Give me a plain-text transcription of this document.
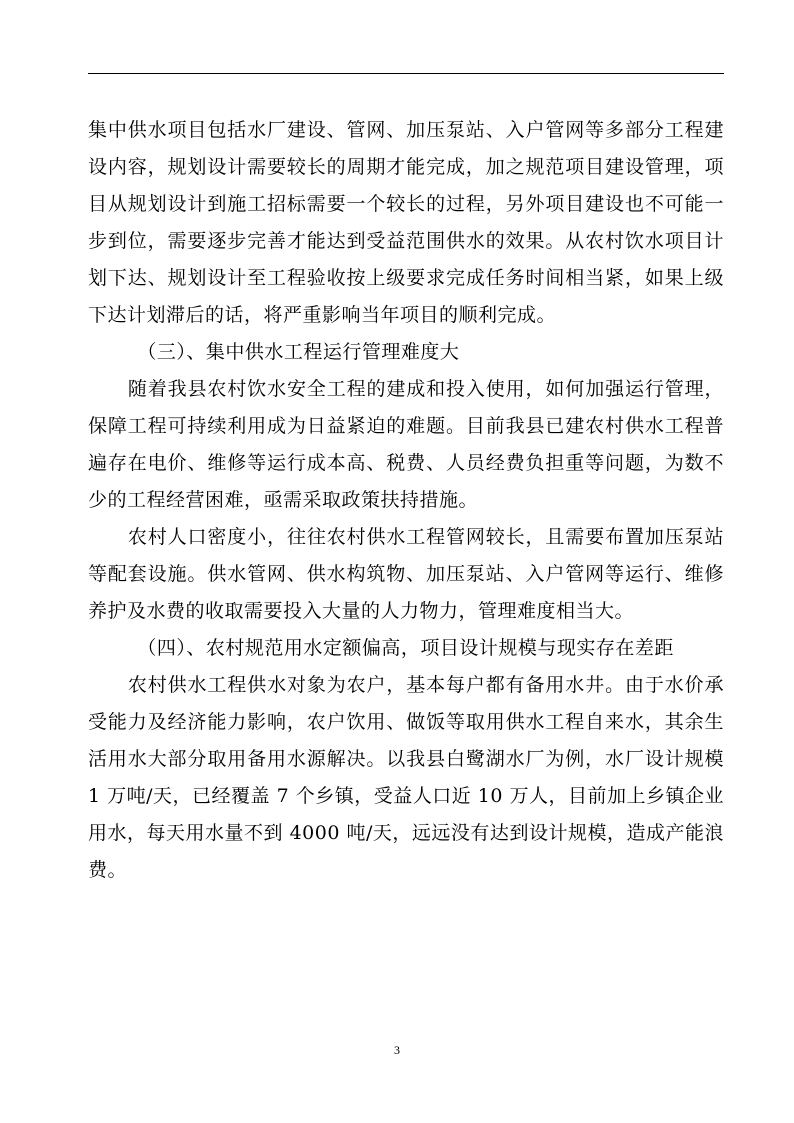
集中供水项目包括水厂建设、管网、加压泵站、入户管网等多部分工程建设内容，规划设计需要较长的周期才能完成，加之规范项目建设管理，项目从规划设计到施工招标需要一个较长的过程，另外项目建设也不可能一步到位，需要逐步完善才能达到受益范围供水的效果。从农村饮水项目计划下达、规划设计至工程验收按上级要求完成任务时间相当紧，如果上级下达计划滞后的话，将严重影响当年项目的顺利完成。

（三）、集中供水工程运行管理难度大

随着我县农村饮水安全工程的建成和投入使用，如何加强运行管理，保障工程可持续利用成为日益紧迫的难题。目前我县已建农村供水工程普遍存在电价、维修等运行成本高、税费、人员经费负担重等问题，为数不少的工程经营困难，亟需采取政策扶持措施。

农村人口密度小，往往农村供水工程管网较长，且需要布置加压泵站等配套设施。供水管网、供水构筑物、加压泵站、入户管网等运行、维修养护及水费的收取需要投入大量的人力物力，管理难度相当大。

（四）、农村规范用水定额偏高，项目设计规模与现实存在差距

农村供水工程供水对象为农户，基本每户都有备用水井。由于水价承受能力及经济能力影响，农户饮用、做饭等取用供水工程自来水，其余生活用水大部分取用备用水源解决。以我县白鹭湖水厂为例，水厂设计规模 1 万吨/天，已经覆盖 7 个乡镇，受益人口近 10 万人，目前加上乡镇企业用水，每天用水量不到 4000 吨/天，远远没有达到设计规模，造成产能浪费。

3
